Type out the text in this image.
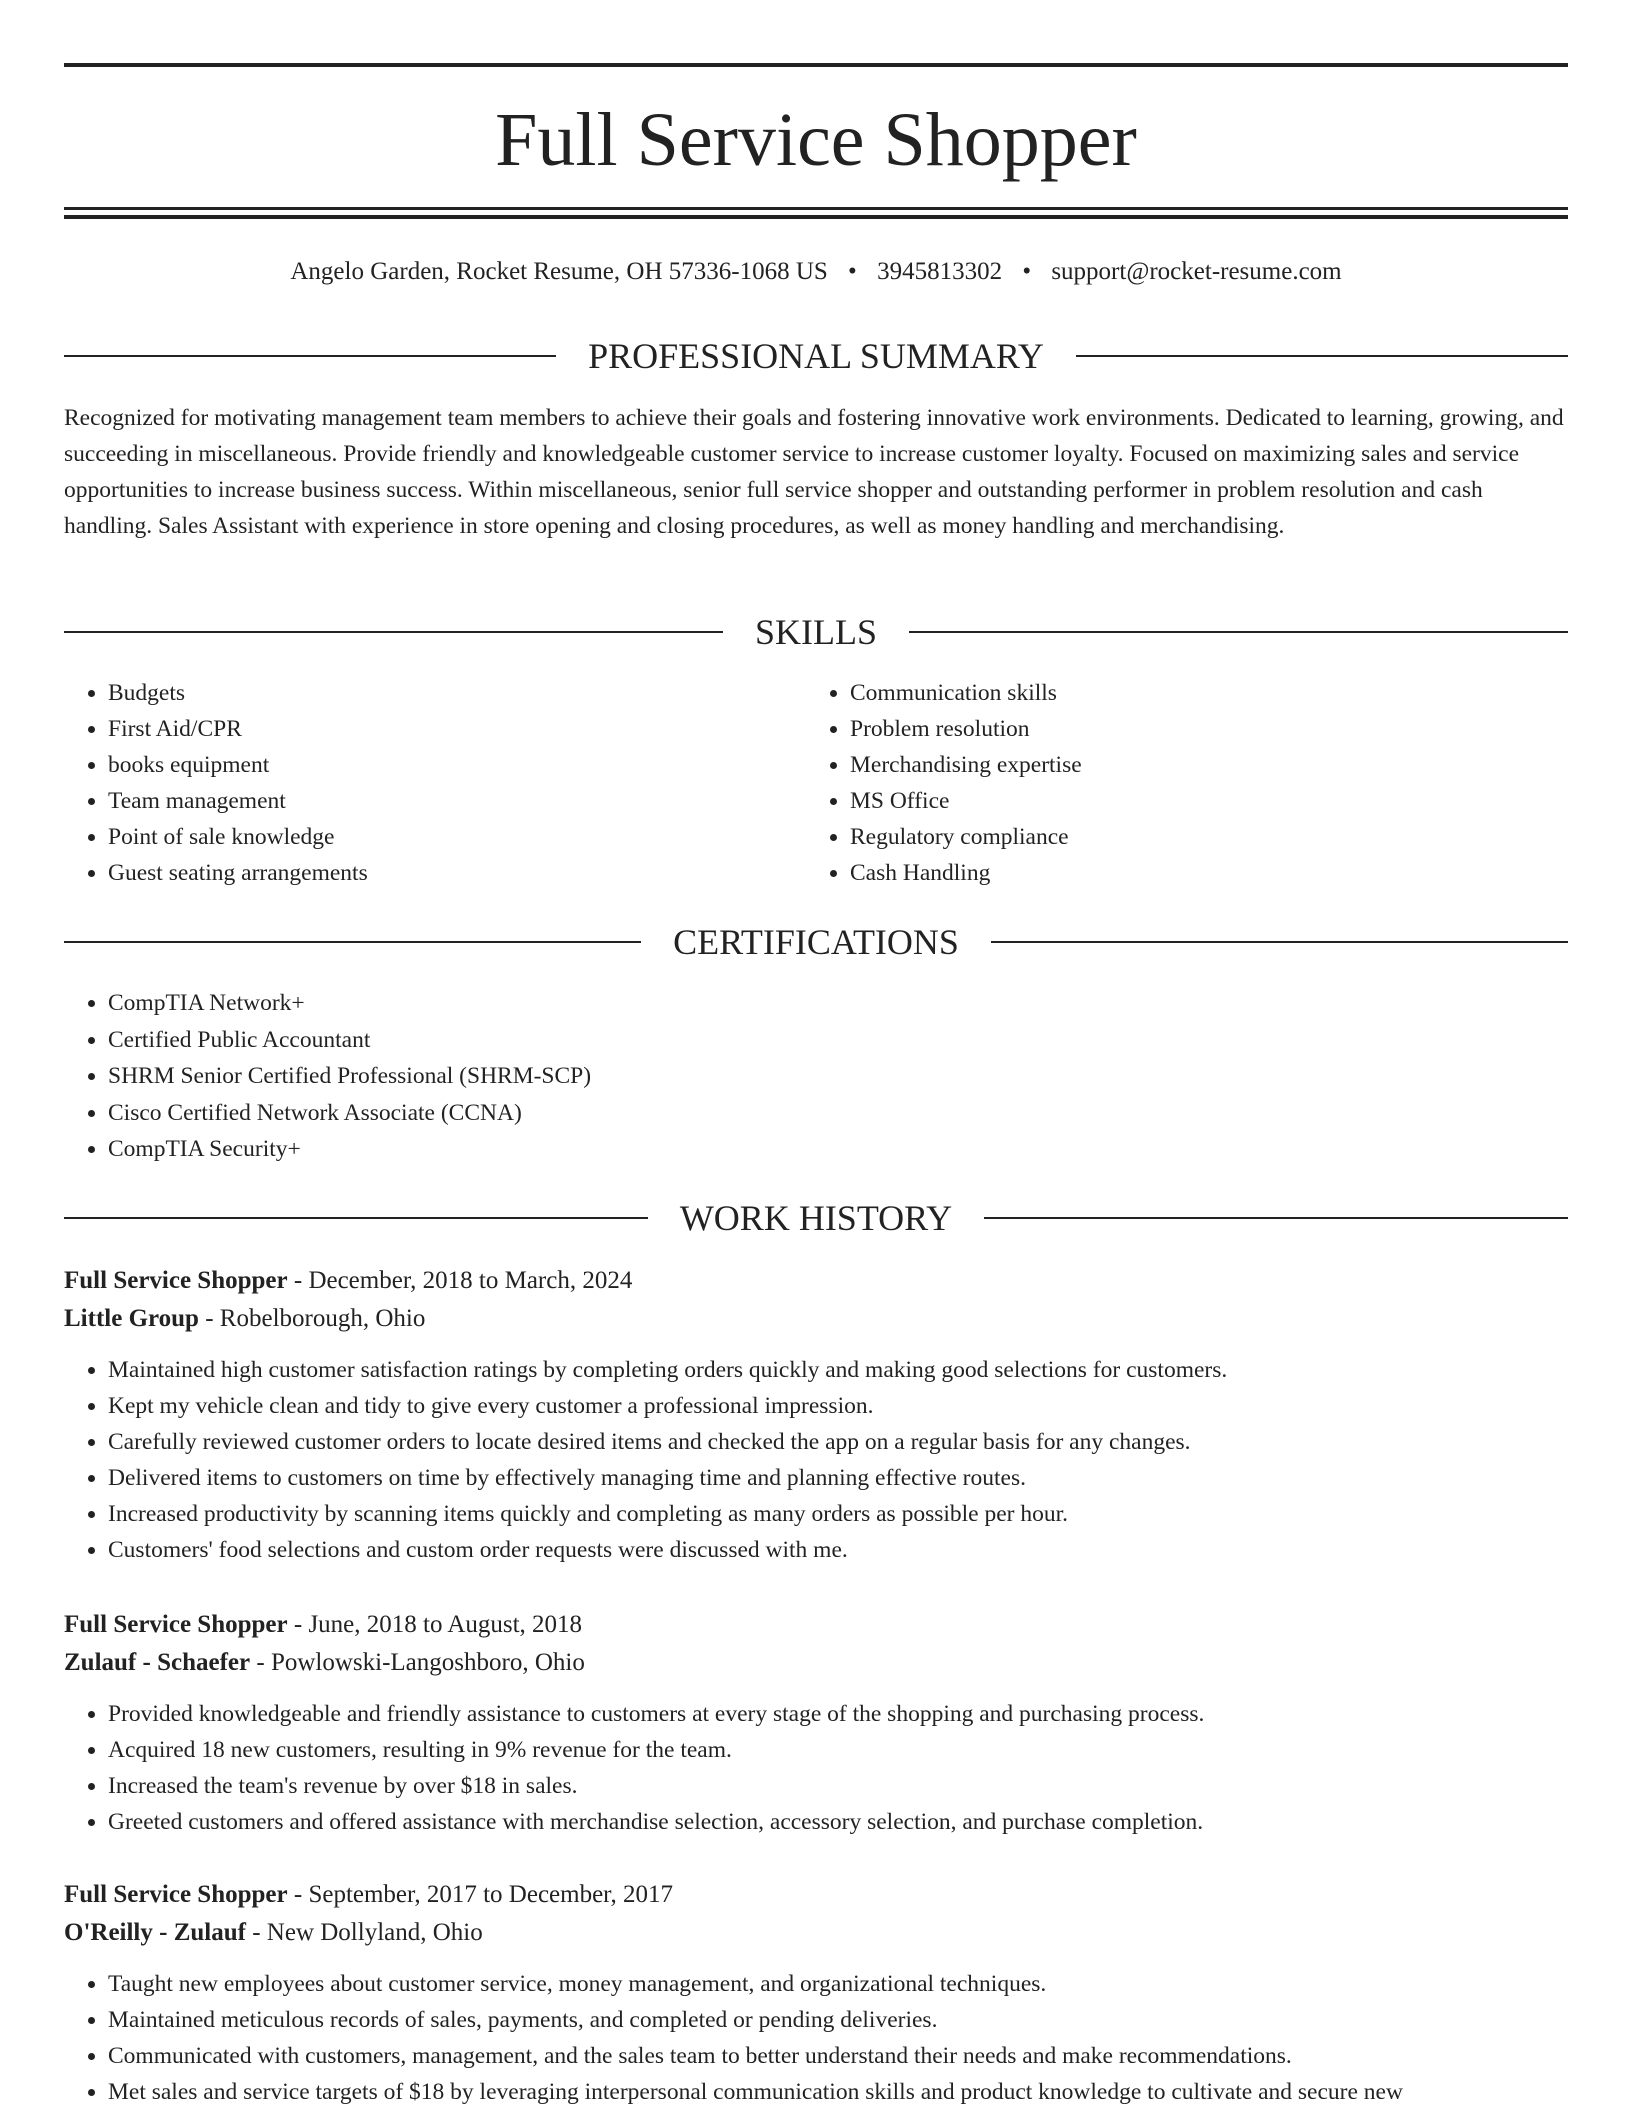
Full Service Shopper
Angelo Garden, Rocket Resume, OH 57336-1068 US • 3945813302 • support@rocket-resume.com
PROFESSIONAL SUMMARY

Recognized for motivating management team members to achieve their goals and fostering innovative work environments. Dedicated to learning, growing, and succeeding in miscellaneous. Provide friendly and knowledgeable customer service to increase customer loyalty. Focused on maximizing sales and service opportunities to increase business success. Within miscellaneous, senior full service shopper and outstanding performer in problem resolution and cash handling. Sales Assistant with experience in store opening and closing procedures, as well as money handling and merchandising.

SKILLS
• Budgets
• First Aid/CPR
• books equipment
• Team management
• Point of sale knowledge
• Guest seating arrangements
• Communication skills
• Problem resolution
• Merchandising expertise
• MS Office
• Regulatory compliance
• Cash Handling
CERTIFICATIONS
• CompTIA Network+
• Certified Public Accountant
• SHRM Senior Certified Professional (SHRM-SCP)
• Cisco Certified Network Associate (CCNA)
• CompTIA Security+
WORK HISTORY

Full Service Shopper - December, 2018 to March, 2024

Little Group - Robelborough, Ohio

• Maintained high customer satisfaction ratings by completing orders quickly and making good selections for customers.
• Kept my vehicle clean and tidy to give every customer a professional impression.
• Carefully reviewed customer orders to locate desired items and checked the app on a regular basis for any changes.
• Delivered items to customers on time by effectively managing time and planning effective routes.
• Increased productivity by scanning items quickly and completing as many orders as possible per hour.
• Customers' food selections and custom order requests were discussed with me.

Full Service Shopper - June, 2018 to August, 2018

Zulauf - Schaefer - Powlowski-Langoshboro, Ohio

• Provided knowledgeable and friendly assistance to customers at every stage of the shopping and purchasing process.
• Acquired 18 new customers, resulting in 9% revenue for the team.
• Increased the team's revenue by over $18 in sales.
• Greeted customers and offered assistance with merchandise selection, accessory selection, and purchase completion.

Full Service Shopper - September, 2017 to December, 2017

O'Reilly - Zulauf - New Dollyland, Ohio

• Taught new employees about customer service, money management, and organizational techniques.
• Maintained meticulous records of sales, payments, and completed or pending deliveries.
• Communicated with customers, management, and the sales team to better understand their needs and make recommendations.
• Met sales and service targets of $18 by leveraging interpersonal communication skills and product knowledge to cultivate and secure new
